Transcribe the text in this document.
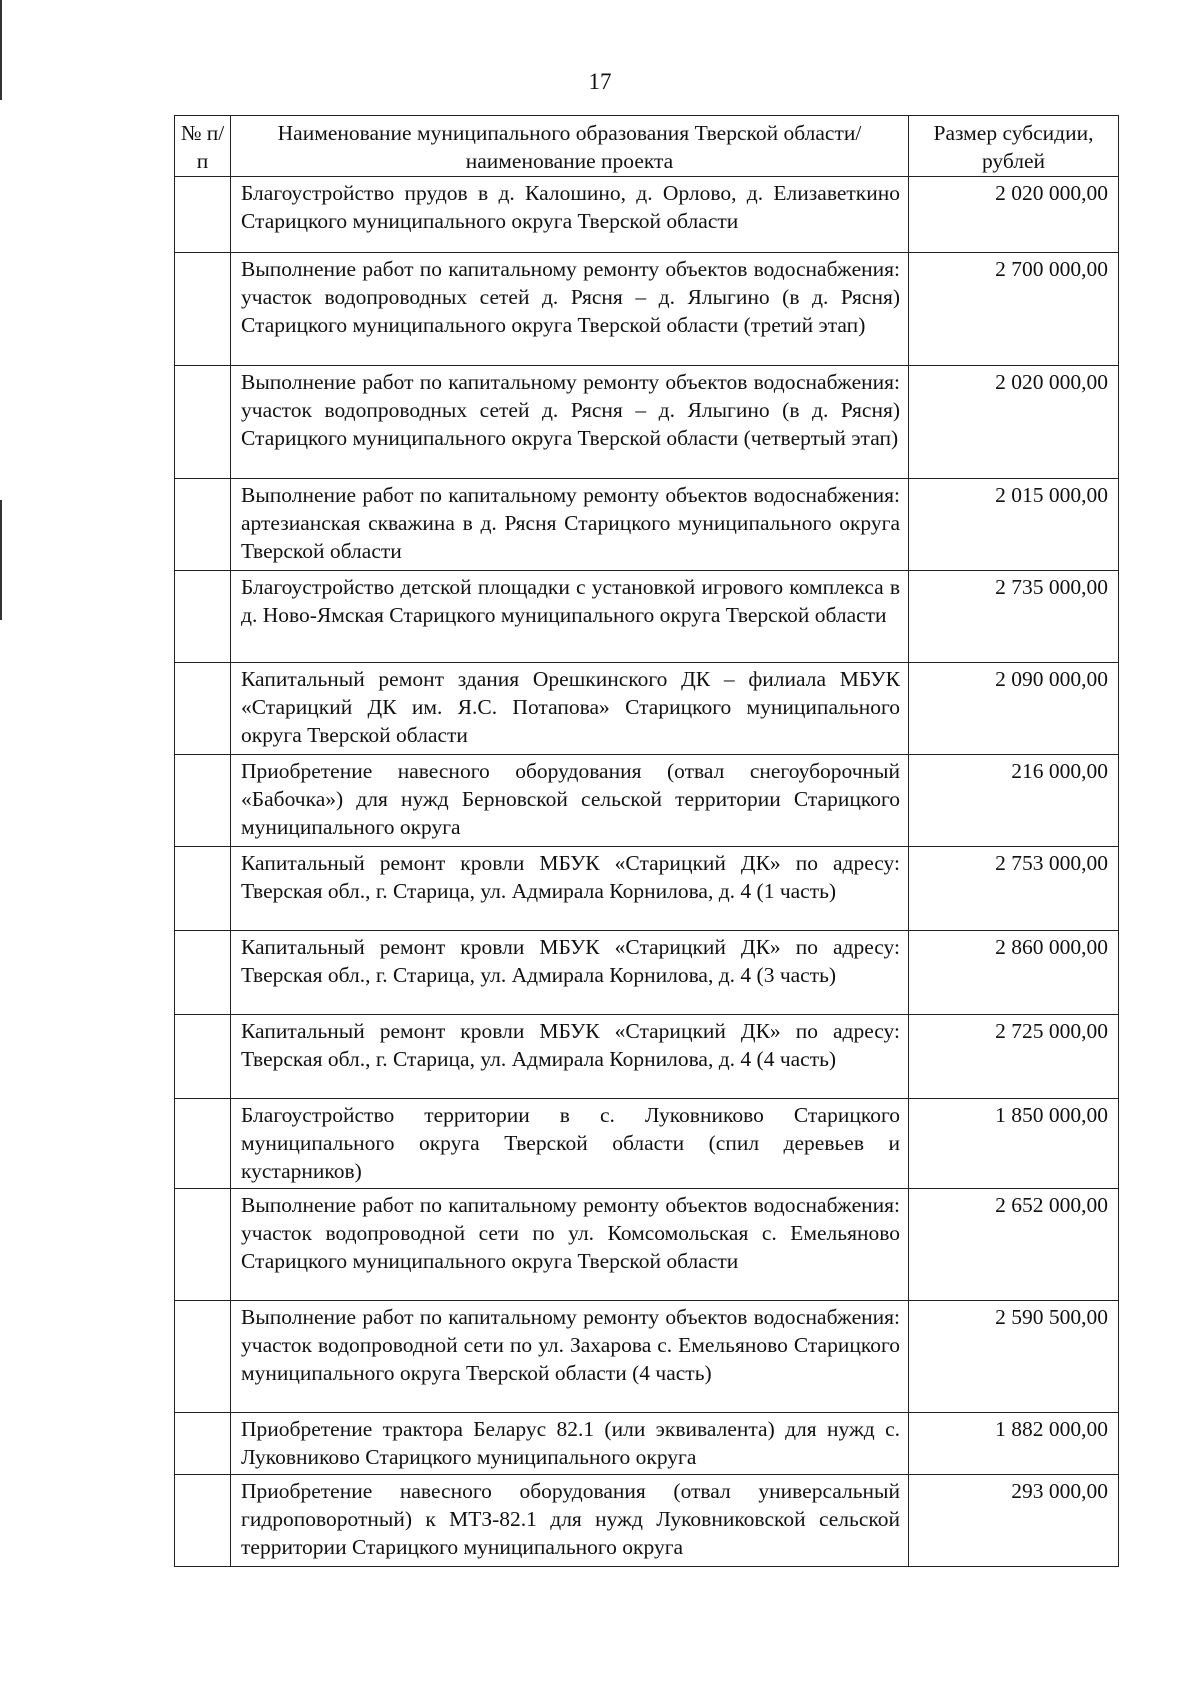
17
№ п/п	Наименование муниципального образования Тверской области/наименование проекта	Размер субсидии, рублей
	Благоустройство прудов в д. Калошино, д. Орлово, д. Елизаветкино Старицкого муниципального округа Тверской области	2 020 000,00
	Выполнение работ по капитальному ремонту объектов водоснабжения: участок водопроводных сетей д. Рясня – д. Ялыгино (в д. Рясня) Старицкого муниципального округа Тверской области (третий этап)	2 700 000,00
	Выполнение работ по капитальному ремонту объектов водоснабжения: участок водопроводных сетей д. Рясня – д. Ялыгино (в д. Рясня) Старицкого муниципального округа Тверской области (четвертый этап)	2 020 000,00
	Выполнение работ по капитальному ремонту объектов водоснабжения: артезианская скважина в д. Рясня Старицкого муниципального округа Тверской области	2 015 000,00
	Благоустройство детской площадки с установкой игрового комплекса в д. Ново-Ямская Старицкого муниципального округа Тверской области	2 735 000,00
	Капитальный ремонт здания Орешкинского ДК – филиала МБУК «Старицкий ДК им. Я.С. Потапова» Старицкого муниципального округа Тверской области	2 090 000,00
	Приобретение навесного оборудования (отвал снегоуборочный «Бабочка») для нужд Берновской сельской территории Старицкого муниципального округа	216 000,00
	Капитальный ремонт кровли МБУК «Старицкий ДК» по адресу: Тверская обл., г. Старица, ул. Адмирала Корнилова, д. 4 (1 часть)	2 753 000,00
	Капитальный ремонт кровли МБУК «Старицкий ДК» по адресу: Тверская обл., г. Старица, ул. Адмирала Корнилова, д. 4 (3 часть)	2 860 000,00
	Капитальный ремонт кровли МБУК «Старицкий ДК» по адресу: Тверская обл., г. Старица, ул. Адмирала Корнилова, д. 4 (4 часть)	2 725 000,00
	Благоустройство территории в с. Луковниково Старицкого муниципального округа Тверской области (спил деревьев и кустарников)	1 850 000,00
	Выполнение работ по капитальному ремонту объектов водоснабжения: участок водопроводной сети по ул. Комсомольская с. Емельяново Старицкого муниципального округа Тверской области	2 652 000,00
	Выполнение работ по капитальному ремонту объектов водоснабжения: участок водопроводной сети по ул. Захарова с. Емельяново Старицкого муниципального округа Тверской области (4 часть)	2 590 500,00
	Приобретение трактора Беларус 82.1 (или эквивалента) для нужд с. Луковниково Старицкого муниципального округа	1 882 000,00
	Приобретение навесного оборудования (отвал универсальный гидроповоротный) к МТЗ-82.1 для нужд Луковниковской сельской территории Старицкого муниципального округа	293 000,00
